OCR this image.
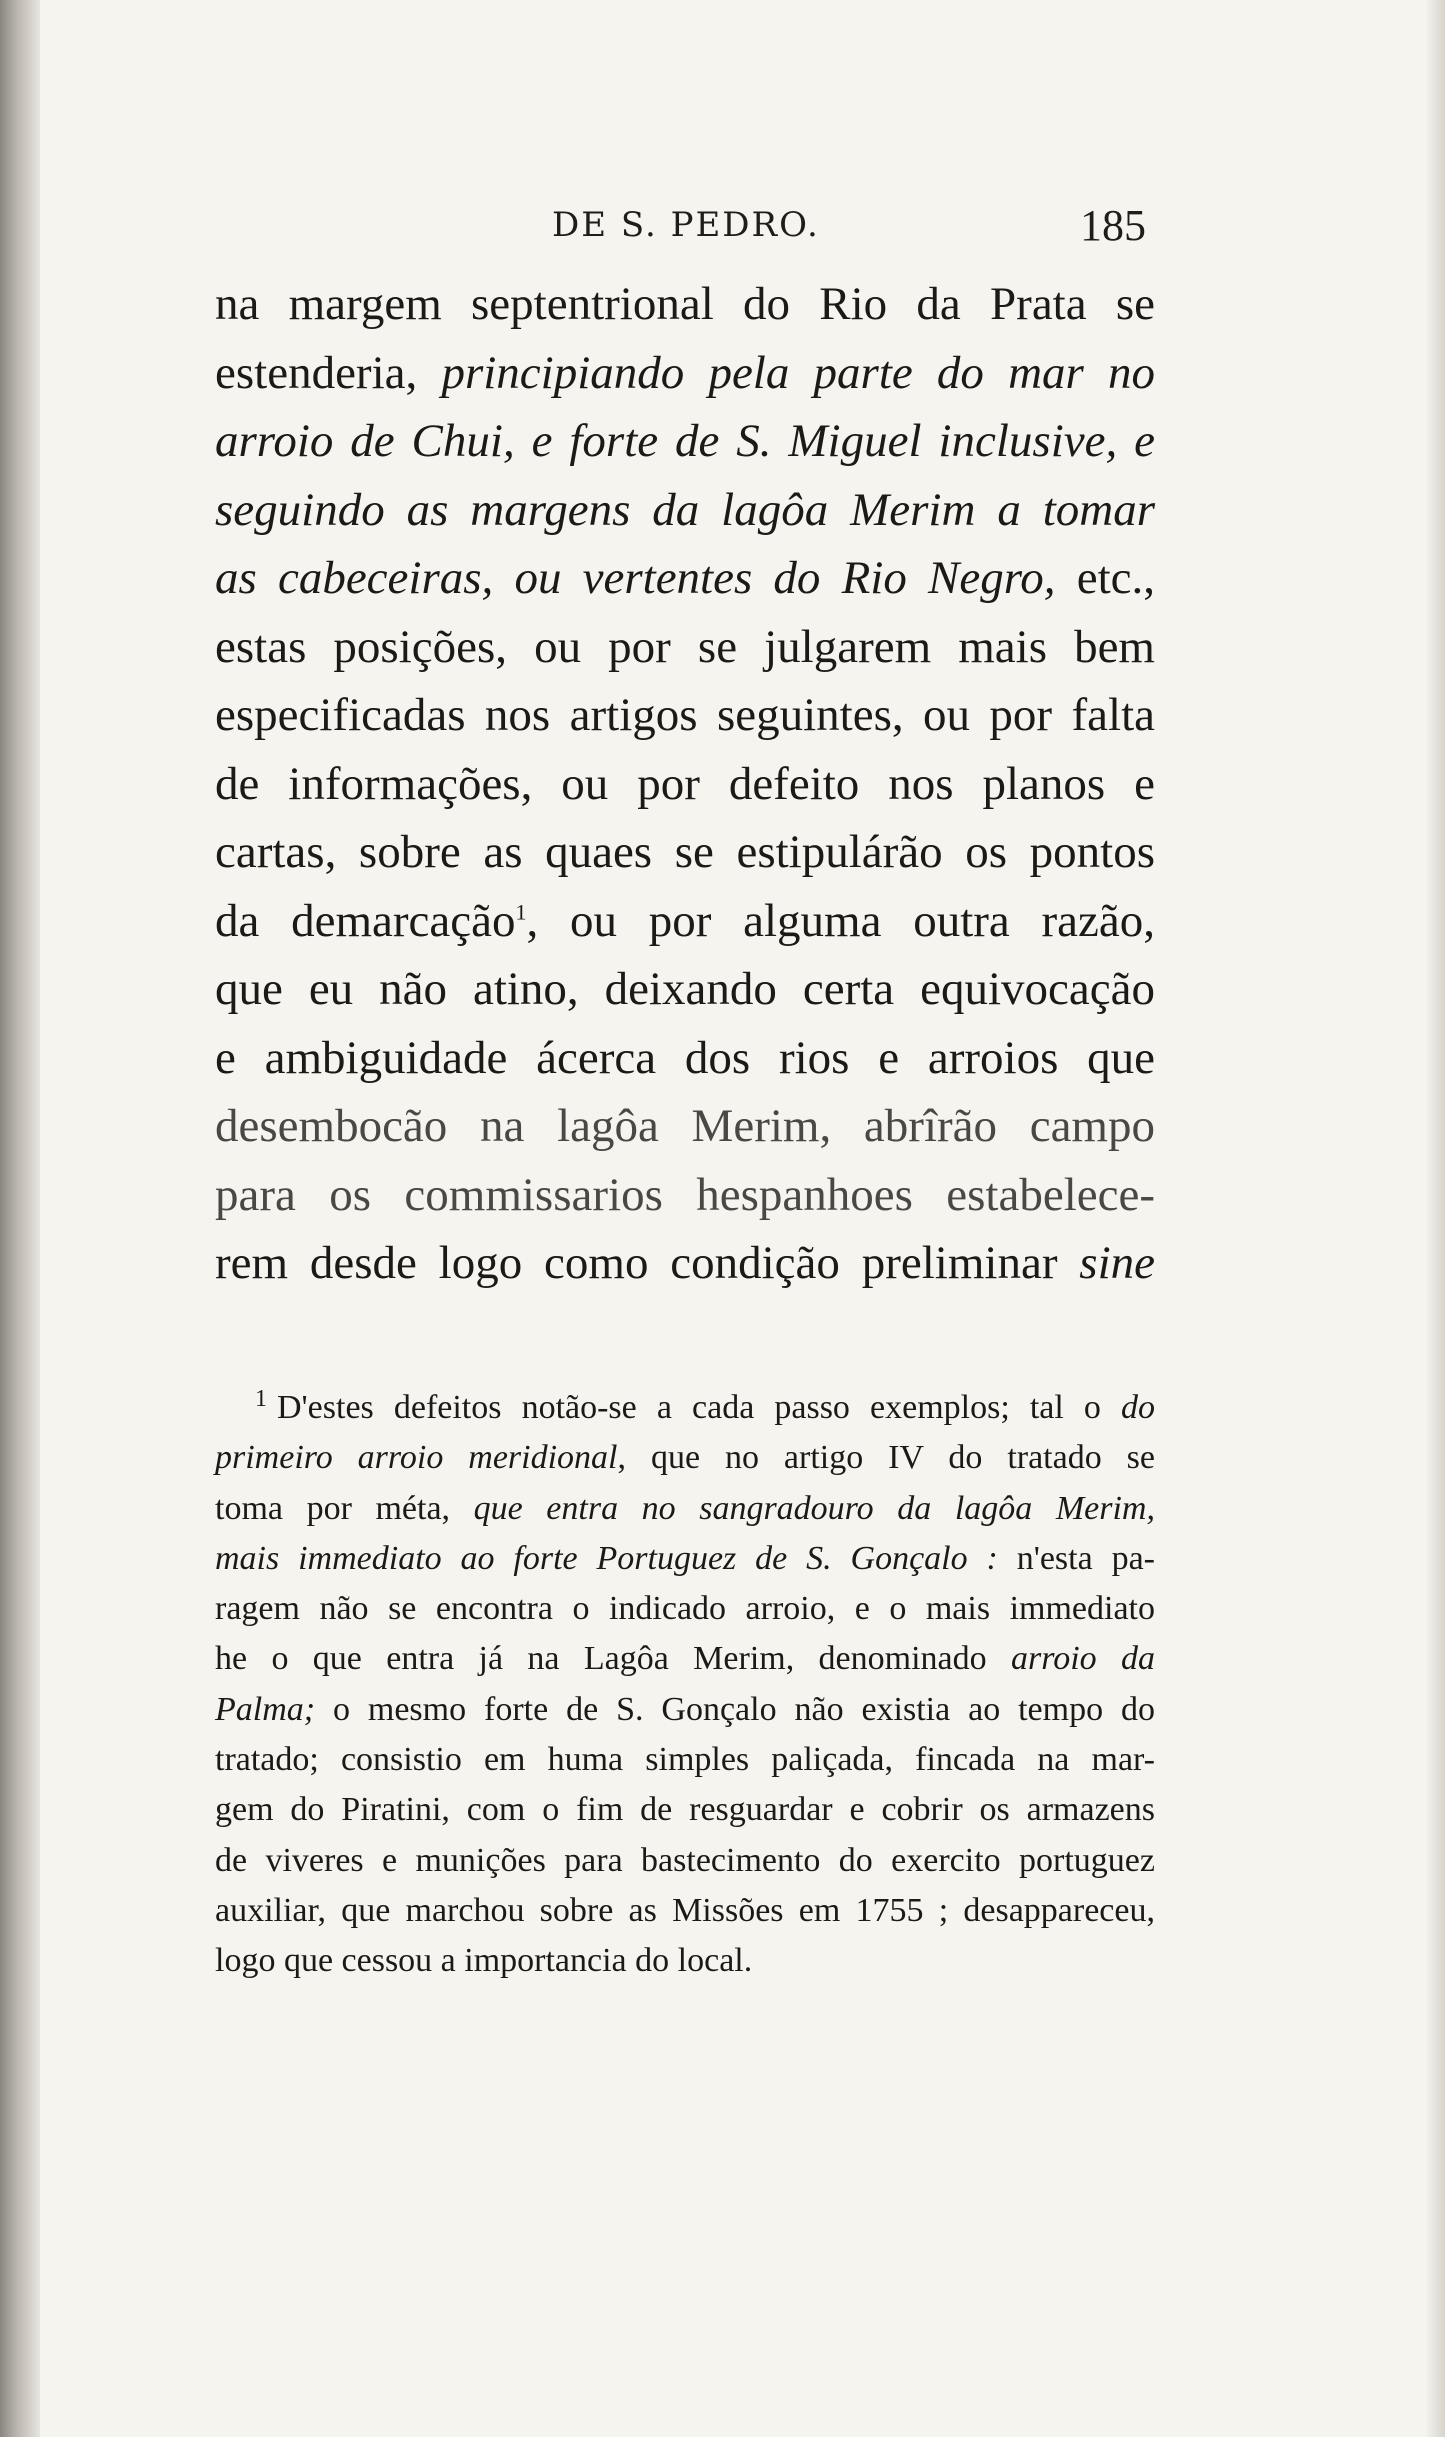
DE S. PEDRO.	185
na margem septentrional do Rio da Prata se
estenderia, principiando pela parte do mar no
arroio de Chui, e forte de S. Miguel inclusive, e
seguindo as margens da lagôa Merim a tomar
as cabeceiras, ou vertentes do Rio Negro, etc.,
estas posições, ou por se julgarem mais bem
especificadas nos artigos seguintes, ou por falta
de informações, ou por defeito nos planos e
cartas, sobre as quaes se estipulárão os pontos
da demarcação$^1$, ou por alguma outra razão,
que eu não atino, deixando certa equivocação
e ambiguidade ácerca dos rios e arroios que
desembocão na lagôa Merim, abrîrão campo
para os commissarios hespanhoes estabelece-
rem desde logo como condição preliminar sine
$^1$ D'estes defeitos notão-se a cada passo exemplos; tal o do
primeiro arroio meridional, que no artigo IV do tratado se
toma por méta, que entra no sangradouro da lagôa Merim,
mais immediato ao forte Portuguez de S. Gonçalo : n'esta pa-
ragem não se encontra o indicado arroio, e o mais immediato
he o que entra já na Lagôa Merim, denominado arroio da
Palma; o mesmo forte de S. Gonçalo não existia ao tempo do
tratado; consistio em huma simples paliçada, fincada na mar-
gem do Piratini, com o fim de resguardar e cobrir os armazens
de viveres e munições para bastecimento do exercito portuguez
auxiliar, que marchou sobre as Missões em 1755 ; desappareceu,
logo que cessou a importancia do local.
